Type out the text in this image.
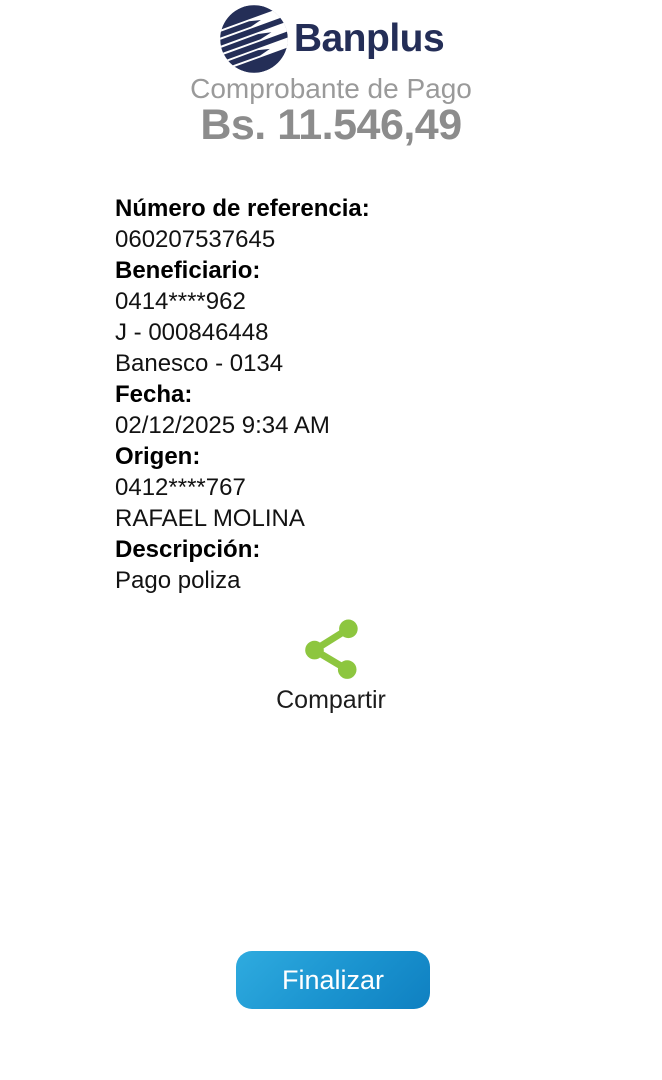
Banplus
Comprobante de Pago
Bs. 11.546,49
Número de referencia:
060207537645
Beneficiario:
0414****962
J - 000846448
Banesco - 0134
Fecha:
02/12/2025 9:34 AM
Origen:
0412****767
RAFAEL MOLINA
Descripción:
Pago poliza
Compartir
Finalizar
